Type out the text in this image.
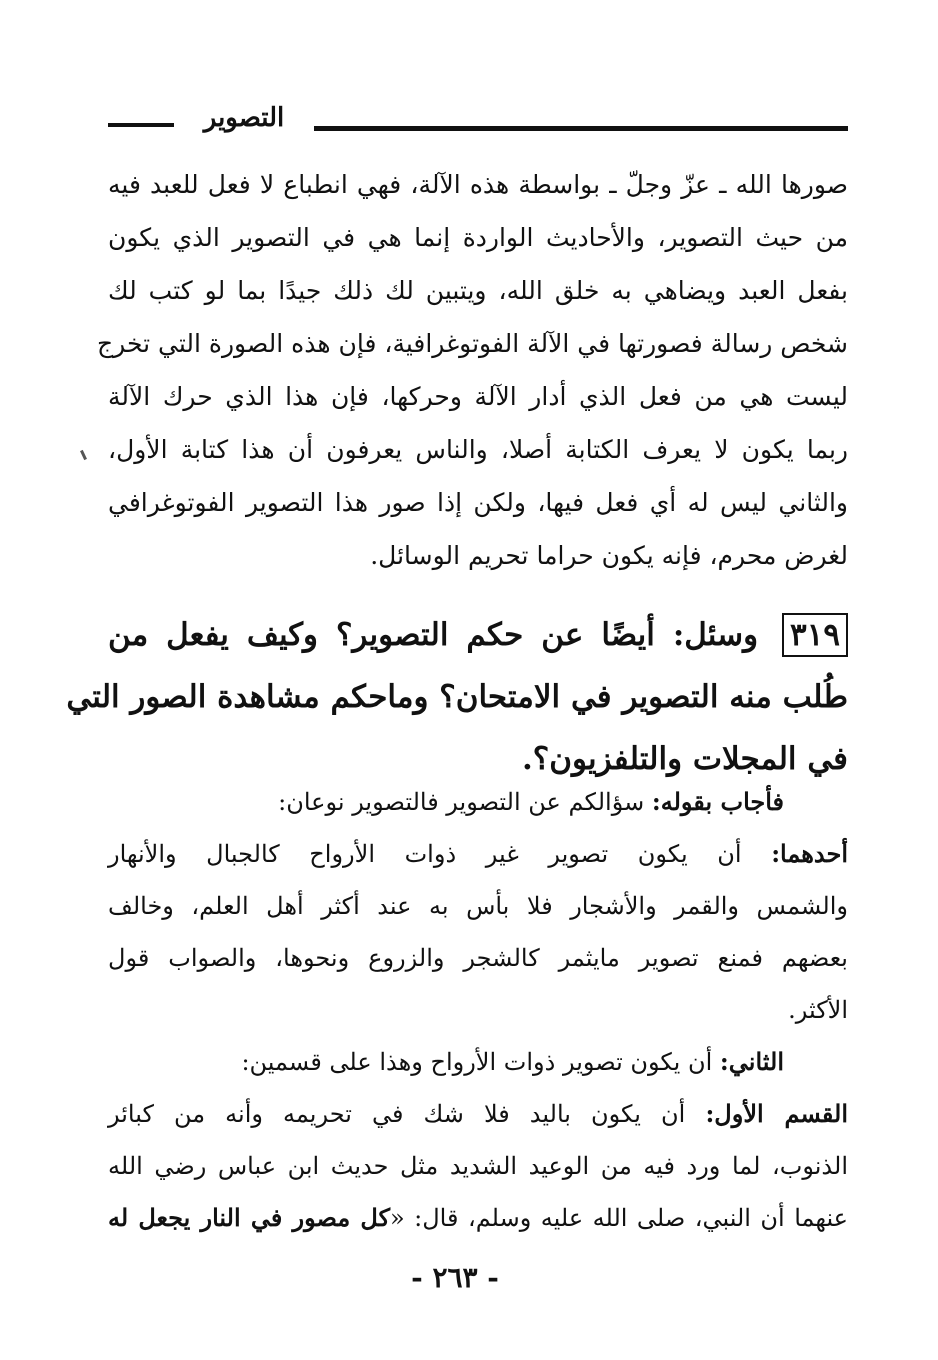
التصوير
صورها الله ـ عزّ وجلّ ـ بواسطة هذه الآلة، فهي انطباع لا فعل للعبد فيه
من حيث التصوير، والأحاديث الواردة إنما هي في التصوير الذي يكون
بفعل العبد ويضاهي به خلق الله، ويتبين لك ذلك جيدًا بما لو كتب لك
شخص رسالة فصورتها في الآلة الفوتوغرافية، فإن هذه الصورة التي تخرج
ليست هي من فعل الذي أدار الآلة وحركها، فإن هذا الذي حرك الآلة
ربما يكون لا يعرف الكتابة أصلا، والناس يعرفون أن هذا كتابة الأول،
والثاني ليس له أي فعل فيها، ولكن إذا صور هذا التصوير الفوتوغرافي
لغرض محرم، فإنه يكون حراما تحريم الوسائل.
٣١٩ وسئل: أيضًا عن حكم التصوير؟ وكيف يفعل من
طُلب منه التصوير في الامتحان؟ وماحكم مشاهدة الصور التي
في المجلات والتلفزيون؟.
فأجاب بقوله: سؤالكم عن التصوير فالتصوير نوعان:
أحدهما: أن يكون تصوير غير ذوات الأرواح كالجبال والأنهار
والشمس والقمر والأشجار فلا بأس به عند أكثر أهل العلم، وخالف
بعضهم فمنع تصوير مايثمر كالشجر والزروع ونحوها، والصواب قول
الأكثر.
الثاني: أن يكون تصوير ذوات الأرواح وهذا على قسمين:
القسم الأول: أن يكون باليد فلا شك في تحريمه وأنه من كبائر
الذنوب، لما ورد فيه من الوعيد الشديد مثل حديث ابن عباس رضي الله
عنهما أن النبي، صلى الله عليه وسلم، قال: «كل مصور في النار يجعل له
- ٢٦٣ -
